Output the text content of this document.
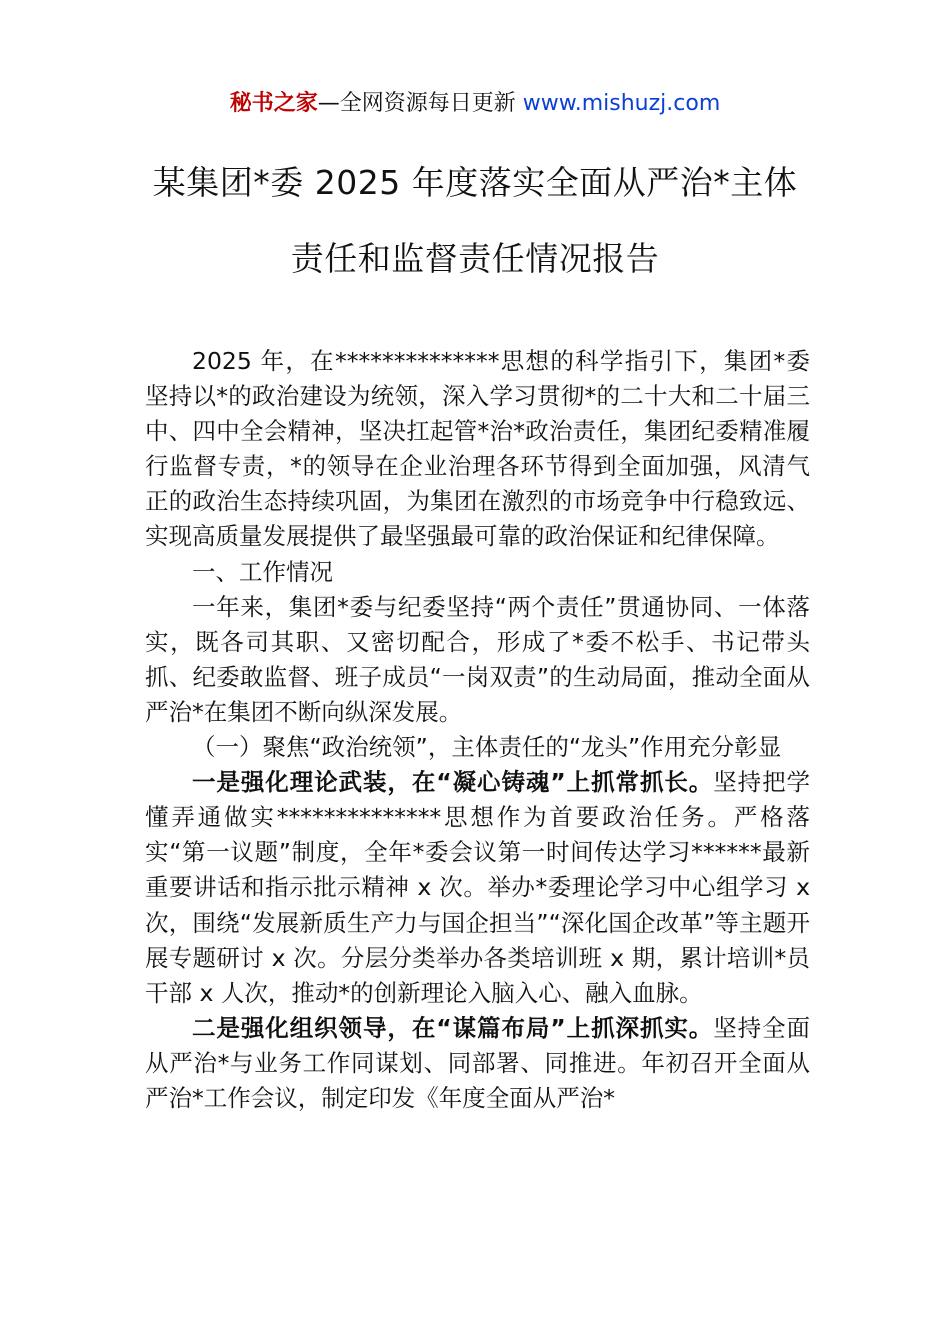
秘书之家—全网资源每日更新 www.mishuzj.com
某集团*委 2025 年度落实全面从严治*主体
责任和监督责任情况报告

2025 年，在**************思想的科学指引下，集团*委坚持以*的政治建设为统领，深入学习贯彻*的二十大和二十届三中、四中全会精神，坚决扛起管*治*政治责任，集团纪委精准履行监督专责，*的领导在企业治理各环节得到全面加强，风清气正的政治生态持续巩固，为集团在激烈的市场竞争中行稳致远、实现高质量发展提供了最坚强最可靠的政治保证和纪律保障。

一、工作情况

一年来，集团*委与纪委坚持“两个责任”贯通协同、一体落实，既各司其职、又密切配合，形成了*委不松手、书记带头抓、纪委敢监督、班子成员“一岗双责”的生动局面，推动全面从严治*在集团不断向纵深发展。

（一）聚焦“政治统领”，主体责任的“龙头”作用充分彰显

一是强化理论武装，在“凝心铸魂”上抓常抓长。坚持把学懂弄通做实**************思想作为首要政治任务。严格落实“第一议题”制度，全年*委会议第一时间传达学习******最新重要讲话和指示批示精神 x 次。举办*委理论学习中心组学习 x 次，围绕“发展新质生产力与国企担当”“深化国企改革”等主题开展专题研讨 x 次。分层分类举办各类培训班 x 期，累计培训*员干部 x 人次，推动*的创新理论入脑入心、融入血脉。

二是强化组织领导，在“谋篇布局”上抓深抓实。坚持全面从严治*与业务工作同谋划、同部署、同推进。年初召开全面从严治*工作会议，制定印发《年度全面从严治*
